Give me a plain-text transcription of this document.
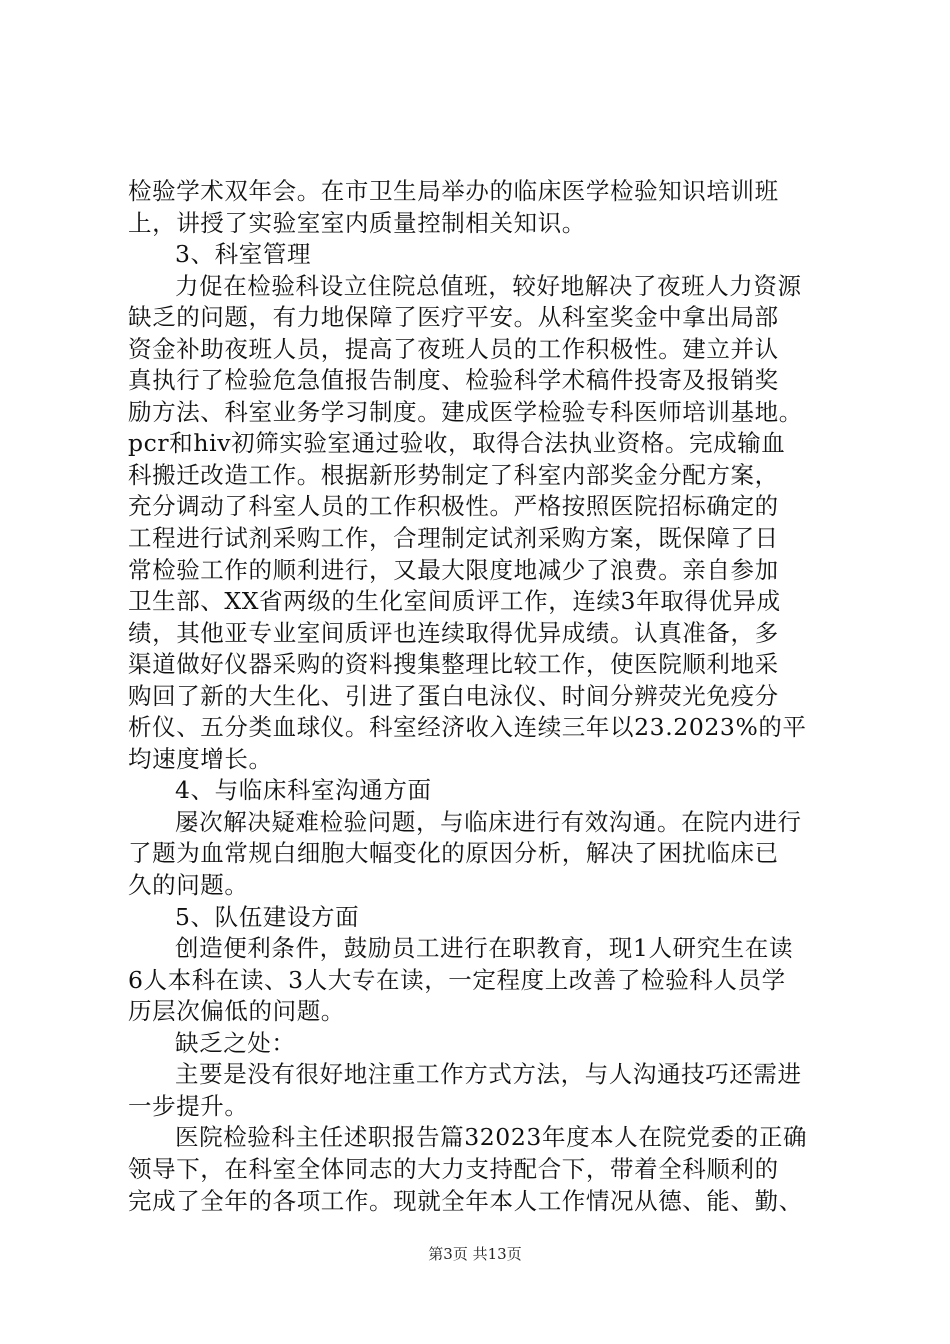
检验学术双年会。在市卫生局举办的临床医学检验知识培训班
上，讲授了实验室室内质量控制相关知识。
3、科室管理
力促在检验科设立住院总值班，较好地解决了夜班人力资源
缺乏的问题，有力地保障了医疗平安。从科室奖金中拿出局部
资金补助夜班人员，提高了夜班人员的工作积极性。建立并认
真执行了检验危急值报告制度、检验科学术稿件投寄及报销奖
励方法、科室业务学习制度。建成医学检验专科医师培训基地。
pcr和hiv初筛实验室通过验收，取得合法执业资格。完成输血
科搬迁改造工作。根据新形势制定了科室内部奖金分配方案，
充分调动了科室人员的工作积极性。严格按照医院招标确定的
工程进行试剂采购工作，合理制定试剂采购方案，既保障了日
常检验工作的顺利进行，又最大限度地减少了浪费。亲自参加
卫生部、XX省两级的生化室间质评工作，连续3年取得优异成
绩，其他亚专业室间质评也连续取得优异成绩。认真准备，多
渠道做好仪器采购的资料搜集整理比较工作，使医院顺利地采
购回了新的大生化、引进了蛋白电泳仪、时间分辨荧光免疫分
析仪、五分类血球仪。科室经济收入连续三年以23.2023%的平
均速度增长。
4、与临床科室沟通方面
屡次解决疑难检验问题，与临床进行有效沟通。在院内进行
了题为血常规白细胞大幅变化的原因分析，解决了困扰临床已
久的问题。
5、队伍建设方面
创造便利条件，鼓励员工进行在职教育，现1人研究生在读
6人本科在读、3人大专在读，一定程度上改善了检验科人员学
历层次偏低的问题。
缺乏之处：
主要是没有很好地注重工作方式方法，与人沟通技巧还需进
一步提升。
医院检验科主任述职报告篇32023年度本人在院党委的正确
领导下，在科室全体同志的大力支持配合下，带着全科顺利的
完成了全年的各项工作。现就全年本人工作情况从德、能、勤、
第3页 共13页
